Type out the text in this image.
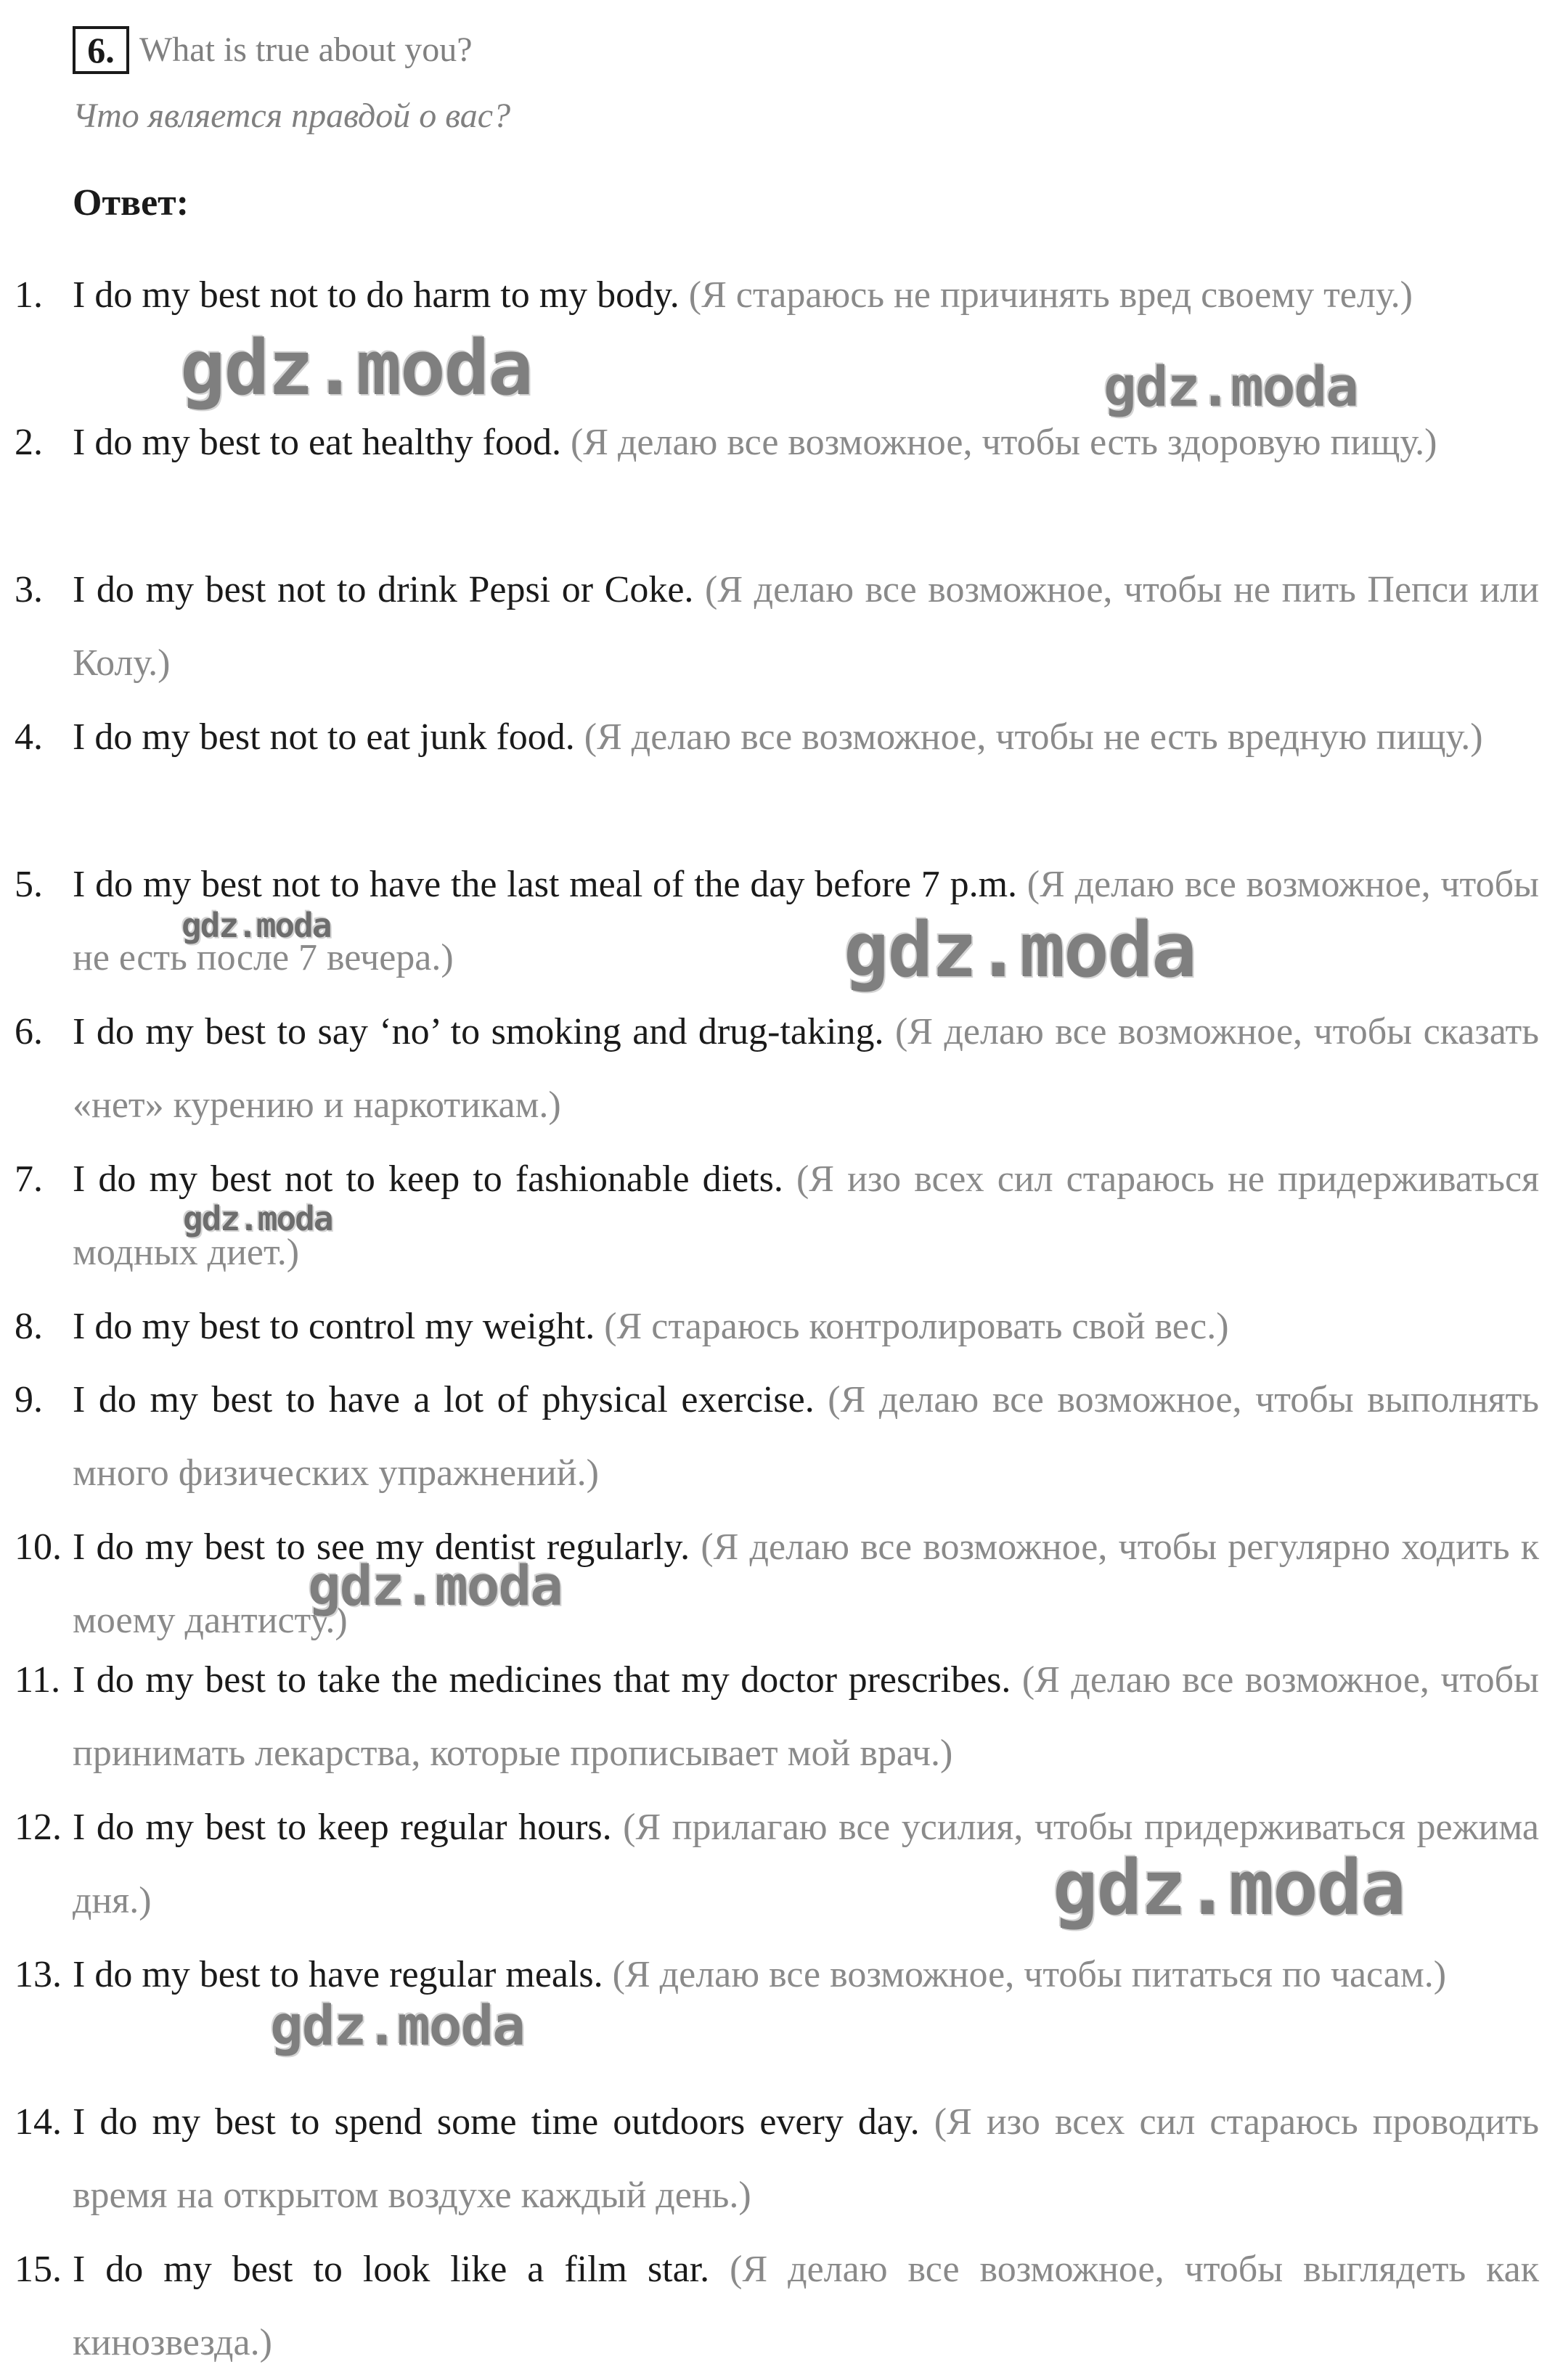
6. What is true about you?
Что является правдой о вас?
Ответ:
1. I do my best not to do harm to my body. (Я стараюсь не причинять вред своему телу.)
2. I do my best to eat healthy food. (Я делаю все возможное, чтобы есть здоровую пищу.)
3. I do my best not to drink Pepsi or Coke. (Я делаю все возможное, чтобы не пить Пепси или Колу.)
4. I do my best not to eat junk food. (Я делаю все возможное, чтобы не есть вредную пищу.)
5. I do my best not to have the last meal of the day before 7 p.m. (Я делаю все возможное, чтобы не есть после 7 вечера.)
6. I do my best to say ‘no’ to smoking and drug-taking. (Я делаю все возможное, чтобы сказать «нет» курению и наркотикам.)
7. I do my best not to keep to fashionable diets. (Я изо всех сил стараюсь не придерживаться модных диет.)
8. I do my best to control my weight. (Я стараюсь контролировать свой вес.)
9. I do my best to have a lot of physical exercise. (Я делаю все возможное, чтобы выполнять много физических упражнений.)
10. I do my best to see my dentist regularly. (Я делаю все возможное, чтобы регулярно ходить к моему дантисту.)
11. I do my best to take the medicines that my doctor prescribes. (Я делаю все возможное, чтобы принимать лекарства, которые прописывает мой врач.)
12. I do my best to keep regular hours. (Я прилагаю все усилия, чтобы придерживаться режима дня.)
13. I do my best to have regular meals. (Я делаю все возможное, чтобы питаться по часам.)
14. I do my best to spend some time outdoors every day. (Я изо всех сил стараюсь проводить время на открытом воздухе каждый день.)
15. I do my best to look like a film star. (Я делаю все возможное, чтобы выглядеть как кинозвезда.)
gdz.moda	gdz.moda
gdz.moda	gdz.moda
gdz.moda
gdz.moda
gdz.moda
gdz.moda
